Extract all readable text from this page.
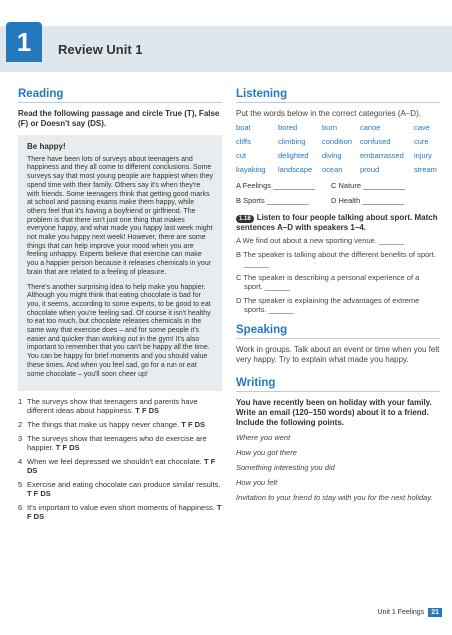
1	Review Unit 1
Reading
Read the following passage and circle True (T), False (F) or Doesn't say (DS).
Be happy!

There have been lots of surveys about teenagers and happiness and they all come to different conclusions. Some surveys say that most young people are happiest when they spend time with their family. Others say it's when they're with friends. Some teenagers think that getting good marks at school and passing exams make them happy, while others feel that it's having a boyfriend or girlfriend. The problem is that there isn't just one thing that makes everyone happy, and what made you happy last week might not make you happy next week! However, there are some things that can help improve your mood when you are feeling unhappy. Experts believe that exercise can make you a happier person because it releases chemicals in your brain that are related to a feeling of pleasure.

There's another surprising idea to help make you happier. Although you might think that eating chocolate is bad for you, it seems, according to some experts, to be good to eat chocolate when you're feeling sad. Of course it isn't healthy to eat too much, but chocolate releases chemicals in the same way that exercise does – and for some people it's easier and quicker than working out in the gym! It's also important to remember that you can't be happy all the time. You can be happy for brief moments and you should value these times. And when you feel sad, go for a run or eat some chocolate – you'll soon cheer up!

1 The surveys show that teenagers and parents have different ideas about happiness. T F DS
2 The things that make us happy never change. T F DS
3 The surveys show that teenagers who do exercise are happier. T F DS
4 When we feel depressed we shouldn't eat chocolate. T F DS
5 Exercise and eating chocolate can produce similar results. T F DS
6 It's important to value even short moments of happiness. T F DS
Listening
Put the words below in the correct categories (A–D).
boat	bored	burn	canoe	cave
cliffs	climbing	condition	confused	cure
cut	delighted	diving	embarrassed	injury
kayaking	landscape	ocean	proud	stream
A Feelings __________	C Nature __________
B Sports __________	D Health __________
1.18 Listen to four people talking about sport. Match sentences A–D with speakers 1–4.
A We find out about a new sporting venue. ______
B The speaker is talking about the different benefits of sport. ______
C The speaker is describing a personal experience of a sport. ______
D The speaker is explaining the advantages of extreme sports. ______
Speaking
Work in groups. Talk about an event or time when you felt very happy. Try to explain what made you happy.
Writing
You have recently been on holiday with your family. Write an email (120–150 words) about it to a friend. Include the following points.
Where you went
How you got there
Something interesting you did
How you felt
Invitation to your friend to stay with you for the next holiday.
Unit 1 Feelings	21
